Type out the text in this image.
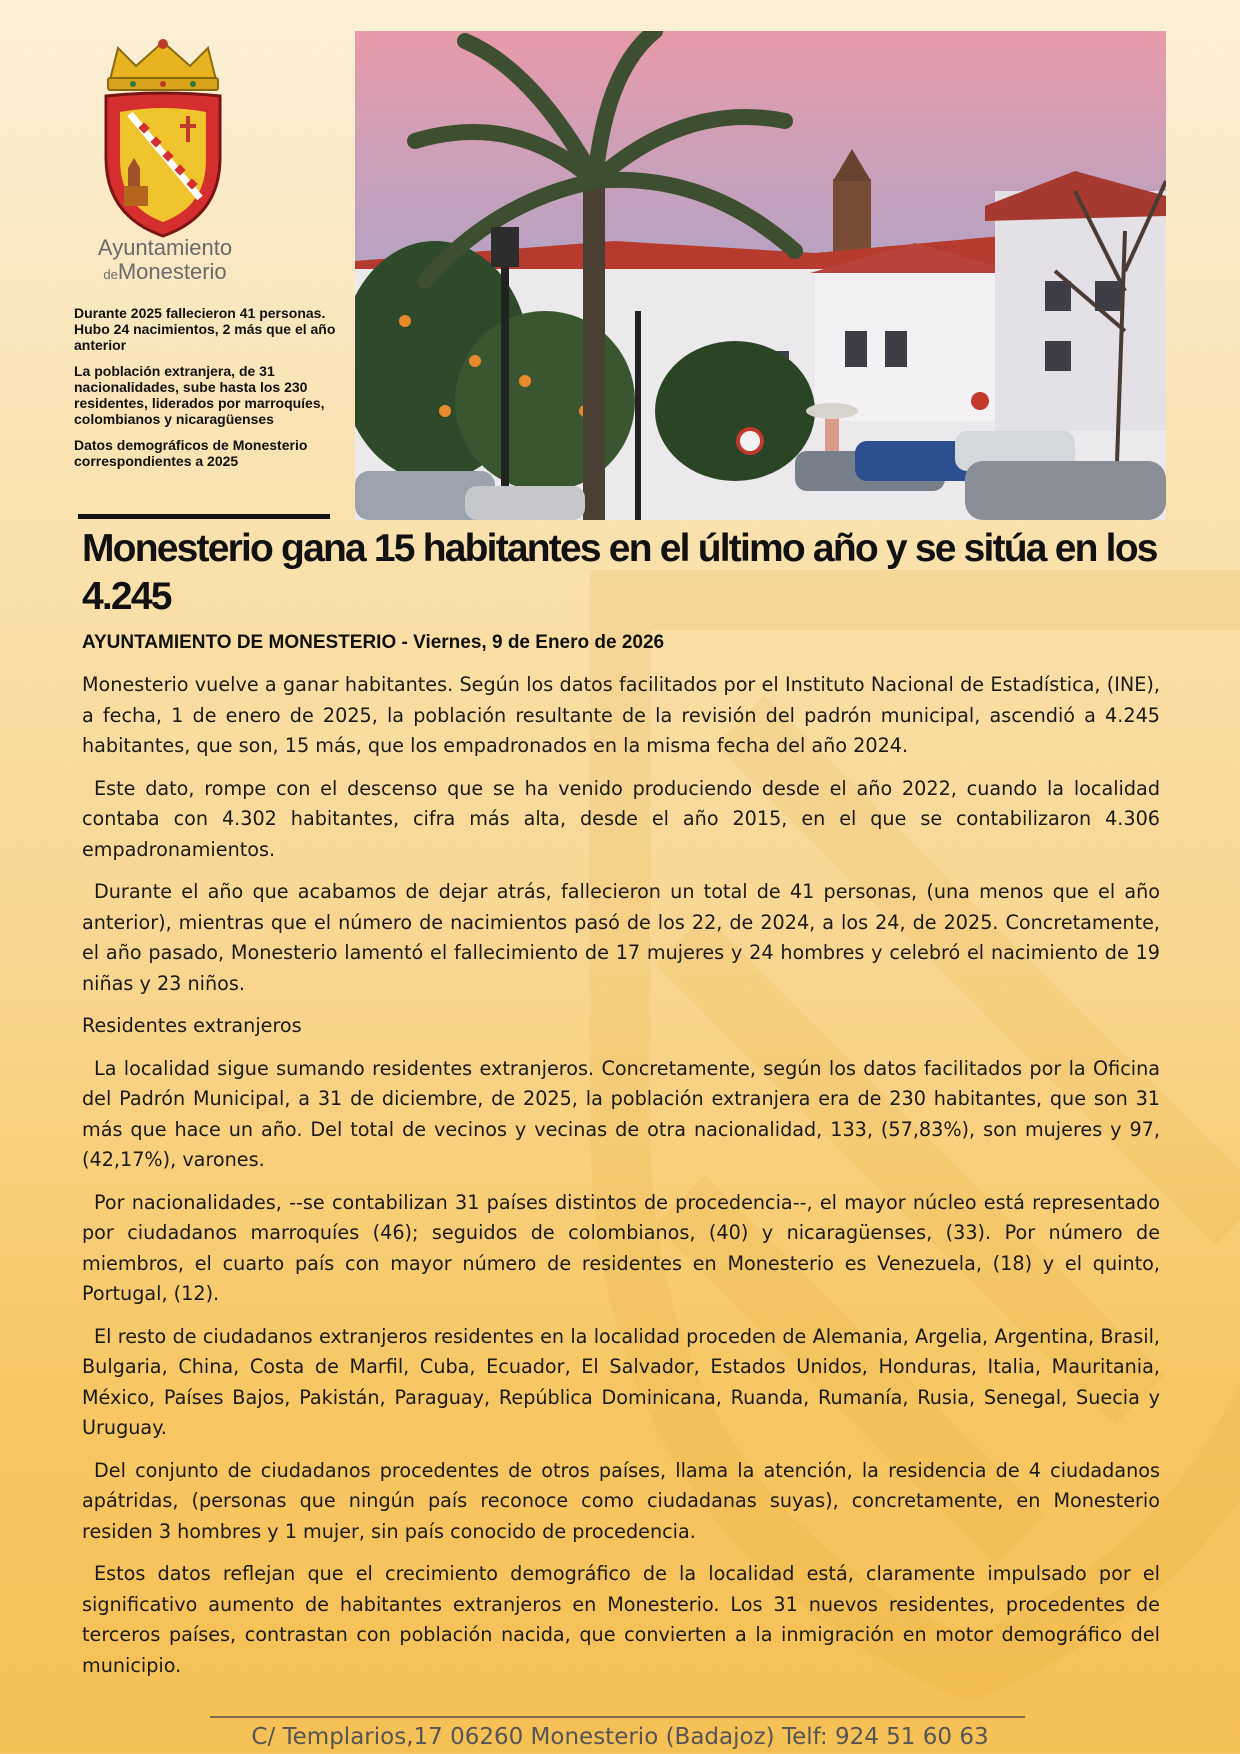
Ayuntamiento
deMonesterio

Durante 2025 fallecieron 41 personas. Hubo 24 nacimientos, 2 más que el año anterior

La población extranjera, de 31 nacionalidades, sube hasta los 230 residentes, liderados por marroquíes, colombianos y nicaragüenses

Datos demográficos de Monesterio correspondientes a 2025

Monesterio gana 15 habitantes en el último año y se sitúa en los 4.245
AYUNTAMIENTO DE MONESTERIO - Viernes, 9 de Enero de 2026

Monesterio vuelve a ganar habitantes. Según los datos facilitados por el Instituto Nacional de Estadística, (INE), a fecha, 1 de enero de 2025, la población resultante de la revisión del padrón municipal, ascendió a 4.245 habitantes, que son, 15 más, que los empadronados en la misma fecha del año 2024.

Este dato, rompe con el descenso que se ha venido produciendo desde el año 2022, cuando la localidad contaba con 4.302 habitantes, cifra más alta, desde el año 2015, en el que se contabilizaron 4.306 empadronamientos.

Durante el año que acabamos de dejar atrás, fallecieron un total de 41 personas, (una menos que el año anterior), mientras que el número de nacimientos pasó de los 22, de 2024, a los 24, de 2025. Concretamente, el año pasado, Monesterio lamentó el fallecimiento de 17 mujeres y 24 hombres y celebró el nacimiento de 19 niñas y 23 niños.

Residentes extranjeros

La localidad sigue sumando residentes extranjeros. Concretamente, según los datos facilitados por la Oficina del Padrón Municipal, a 31 de diciembre, de 2025, la población extranjera era de 230 habitantes, que son 31 más que hace un año. Del total de vecinos y vecinas de otra nacionalidad, 133, (57,83%), son mujeres y 97, (42,17%), varones.

Por nacionalidades, --se contabilizan 31 países distintos de procedencia--, el mayor núcleo está representado por ciudadanos marroquíes (46); seguidos de colombianos, (40) y nicaragüenses, (33). Por número de miembros, el cuarto país con mayor número de residentes en Monesterio es Venezuela, (18) y el quinto, Portugal, (12).

El resto de ciudadanos extranjeros residentes en la localidad proceden de Alemania, Argelia, Argentina, Brasil, Bulgaria, China, Costa de Marfil, Cuba, Ecuador, El Salvador, Estados Unidos, Honduras, Italia, Mauritania, México, Países Bajos, Pakistán, Paraguay, República Dominicana, Ruanda, Rumanía, Rusia, Senegal, Suecia y Uruguay.

Del conjunto de ciudadanos procedentes de otros países, llama la atención, la residencia de 4 ciudadanos apátridas, (personas que ningún país reconoce como ciudadanas suyas), concretamente, en Monesterio residen 3 hombres y 1 mujer, sin país conocido de procedencia.

Estos datos reflejan que el crecimiento demográfico de la localidad está, claramente impulsado por el significativo aumento de habitantes extranjeros en Monesterio. Los 31 nuevos residentes, procedentes de terceros países, contrastan con población nacida, que convierten a la inmigración en motor demográfico del municipio.

C/ Templarios,17 06260 Monesterio (Badajoz) Telf: 924 51 60 63
